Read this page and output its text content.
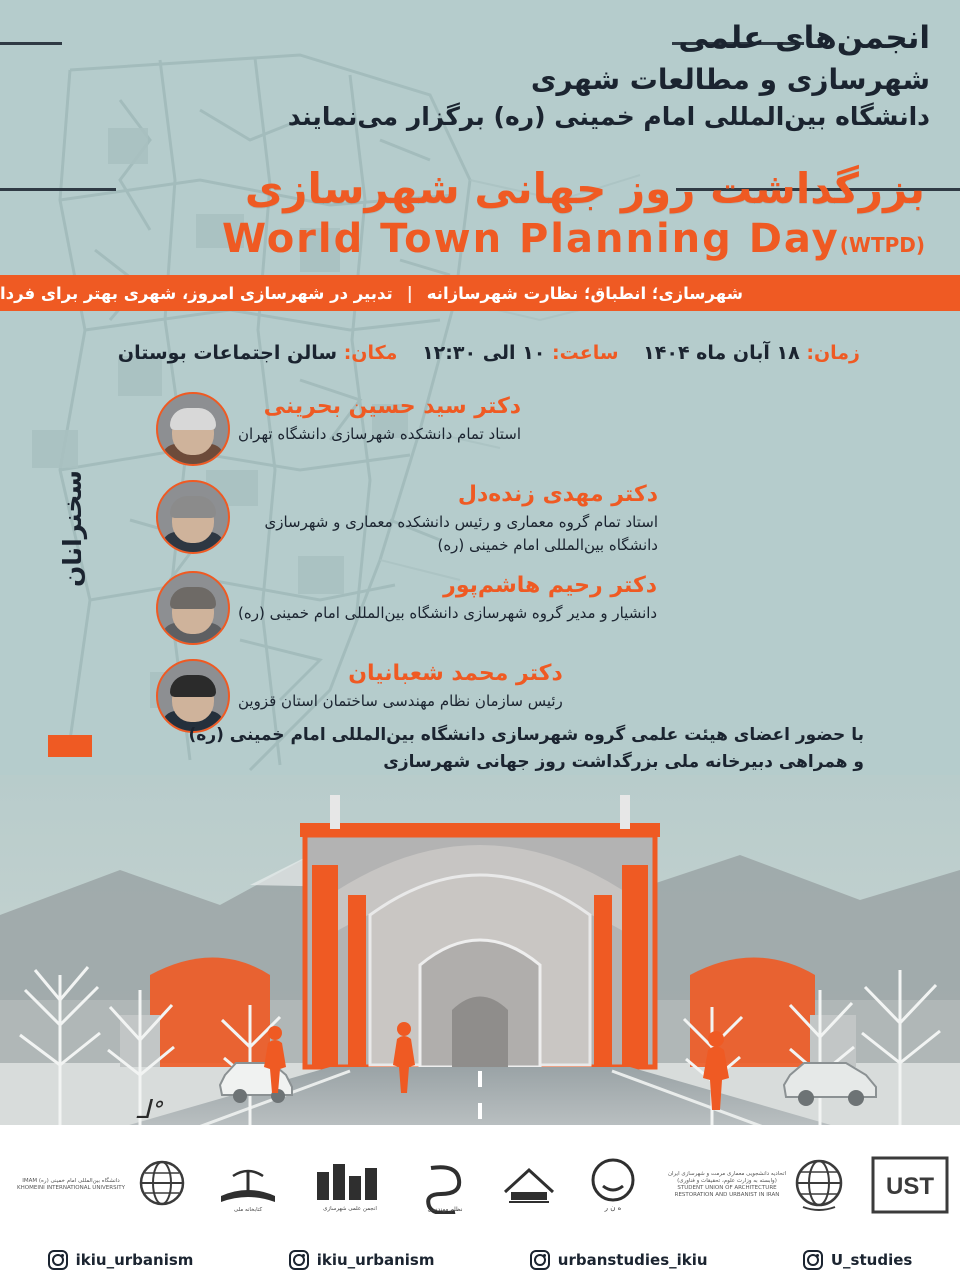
انجمن‌های علمی
شهرسازی و مطالعات شهری
دانشگاه بین‌المللی امام خمینی (ره) برگزار می‌نمایند
بزرگداشت روز جهانی شهرسازی
World Town Planning Day(WTPD)
شهرسازی؛ انطباق؛ نظارت شهرسازانه
|
تدبیر در شهرسازی امروز، شهری بهتر برای فردا
زمان: ۱۸ آبان ماه ۱۴۰۴ ساعت: ۱۰ الی ۱۲:۳۰ مکان: سالن اجتماعات بوستان
سخنرانان
دکتر سید حسین بحرینی
استاد تمام دانشکده شهرسازی دانشگاه تهران
دکتر مهدی زنده‌دل
استاد تمام گروه معماری و رئیس دانشکده معماری و شهرسازی دانشگاه بین‌المللی امام خمینی (ره)
دکتر رحیم هاشم‌پور
دانشیار و مدیر گروه شهرسازی دانشگاه بین‌المللی امام خمینی (ره)
دکتر محمد شعبانیان
رئیس سازمان نظام مهندسی ساختمان استان قزوین
با حضور اعضای هیئت علمی گروه شهرسازی دانشگاه بین‌المللی امام خمینی (ره)
و همراهی دبیرخانه ملی بزرگداشت روز جهانی شهرسازی
ᒧᐤ
UST
اتحادیه دانشجویی معماری مرمت و شهرسازی ایران (وابسته به وزارت علوم، تحقیقات و فناوری) STUDENT UNION OF ARCHITECTURE RESTORATION AND URBANIST IN IRAN
ه ن ر
نظام مهندسی
انجمن علمی شهرسازی
کتابخانه ملی
دانشگاه بین‌المللی امام خمینی (ره) IMAM KHOMEINI INTERNATIONAL UNIVERSITY
ikiu_urbanism	ikiu_urbanism	urbanstudies_ikiu	U_studies
